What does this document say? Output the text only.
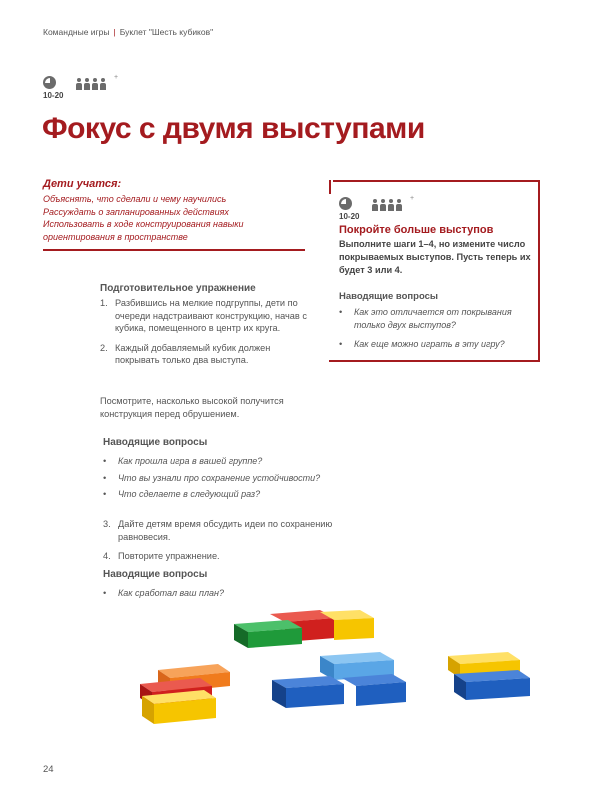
Командные игры | Буклет "Шесть кубиков"
+
10-20
Фокус с двумя выступами
Дети учатся:
Объяснять, что сделали и чему научились
Рассуждать о запланированных действиях
Использовать в ходе конструирования навыки
ориентирования в пространстве
+
10-20
Покройте больше выступов
Выполните шаги 1–4, но измените число покрываемых выступов. Пусть теперь их будет 3 или 4.
Наводящие вопросы
• Как это отличается от покрывания только двух выступов?
• Как еще можно играть в эту игру?
Подготовительное упражнение
1. Разбившись на мелкие подгруппы, дети по очереди надстраивают конструкцию, начав с кубика, помещенного в центр их круга.
2. Каждый добавляемый кубик должен покрывать только два выступа.
Посмотрите, насколько высокой получится конструкция перед обрушением.
Наводящие вопросы
• Как прошла игра в вашей группе?
• Что вы узнали про сохранение устойчивости?
• Что сделаете в следующий раз?
3. Дайте детям время обсудить идеи по сохранению равновесия.
4. Повторите упражнение.
Наводящие вопросы
• Как сработал ваш план?
24
